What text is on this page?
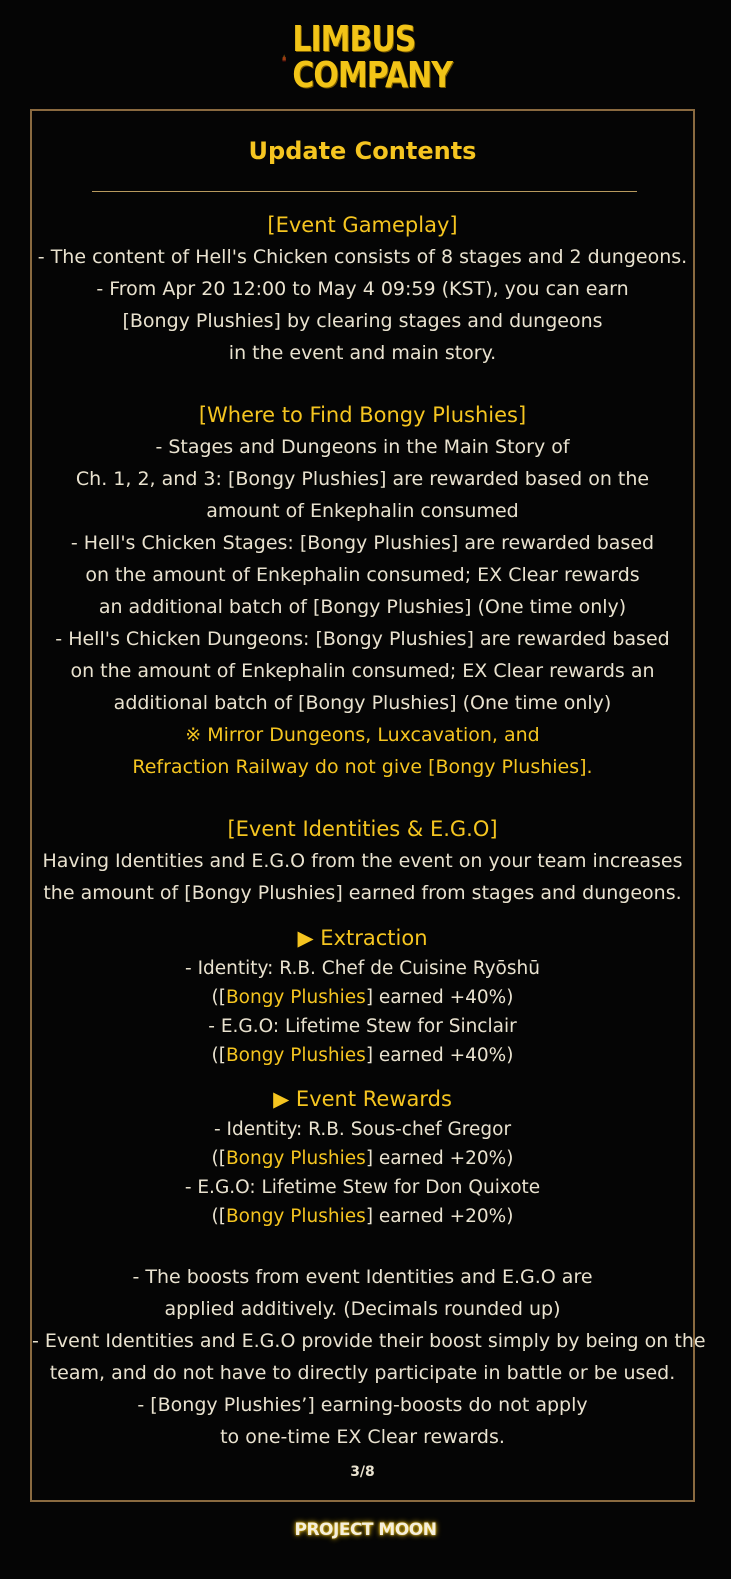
LIMBUS
COMPANY
Update Contents
[Event Gameplay]
- The content of Hell's Chicken consists of 8 stages and 2 dungeons.
- From Apr 20 12:00 to May 4 09:59 (KST), you can earn
[Bongy Plushies] by clearing stages and dungeons
in the event and main story.
[Where to Find Bongy Plushies]
- Stages and Dungeons in the Main Story of
Ch. 1, 2, and 3: [Bongy Plushies] are rewarded based on the
amount of Enkephalin consumed
- Hell's Chicken Stages: [Bongy Plushies] are rewarded based
on the amount of Enkephalin consumed; EX Clear rewards
an additional batch of [Bongy Plushies] (One time only)
- Hell's Chicken Dungeons: [Bongy Plushies] are rewarded based
on the amount of Enkephalin consumed; EX Clear rewards an
additional batch of [Bongy Plushies] (One time only)
※ Mirror Dungeons, Luxcavation, and
Refraction Railway do not give [Bongy Plushies].
[Event Identities & E.G.O]
Having Identities and E.G.O from the event on your team increases
the amount of [Bongy Plushies] earned from stages and dungeons.
▶ Extraction
- Identity: R.B. Chef de Cuisine Ryōshū
([Bongy Plushies] earned +40%)
- E.G.O: Lifetime Stew for Sinclair
([Bongy Plushies] earned +40%)
▶ Event Rewards
- Identity: R.B. Sous-chef Gregor
([Bongy Plushies] earned +20%)
- E.G.O: Lifetime Stew for Don Quixote
([Bongy Plushies] earned +20%)
- The boosts from event Identities and E.G.O are
applied additively. (Decimals rounded up)
- Event Identities and E.G.O provide their boost simply by being on the
team, and do not have to directly participate in battle or be used.
- [Bongy Plushies’] earning-boosts do not apply
to one-time EX Clear rewards.
3/8
PROJECT MOON
